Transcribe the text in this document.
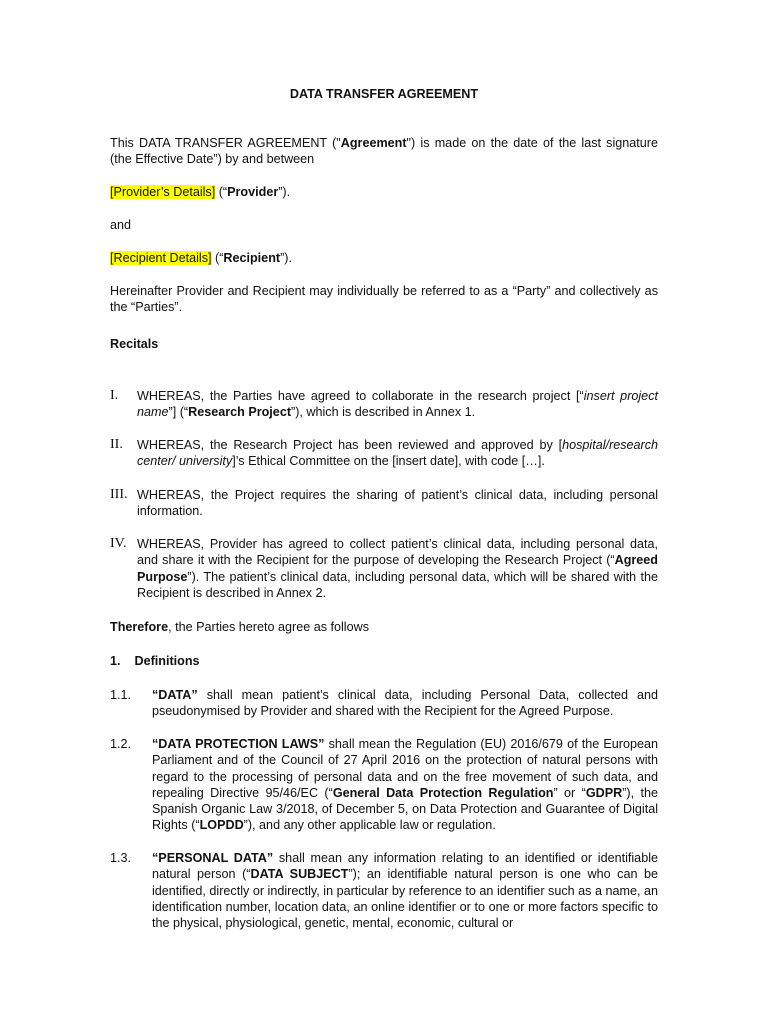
DATA TRANSFER AGREEMENT
This DATA TRANSFER AGREEMENT ("Agreement") is made on the date of the last signature (the Effective Date”) by and between
[Provider’s Details] (“Provider”).
and
[Recipient Details] (“Recipient”).
Hereinafter Provider and Recipient may individually be referred to as a “Party” and collectively as the “Parties”.
Recitals
I.	WHEREAS, the Parties have agreed to collaborate in the research project [“insert project name”] (“Research Project”), which is described in Annex 1.
II.	WHEREAS, the Research Project has been reviewed and approved by [hospital/research center/ university]’s Ethical Committee on the [insert date], with code […].
III. WHEREAS, the Project requires the sharing of patient’s clinical data, including personal information.
IV. WHEREAS, Provider has agreed to collect patient’s clinical data, including personal data, and share it with the Recipient for the purpose of developing the Research Project (“Agreed Purpose”). The patient’s clinical data, including personal data, which will be shared with the Recipient is described in Annex 2.
Therefore, the Parties hereto agree as follows
1.    Definitions
1.1. “DATA” shall mean patient’s clinical data, including Personal Data, collected and pseudonymised by Provider and shared with the Recipient for the Agreed Purpose.
1.2. “DATA PROTECTION LAWS” shall mean the Regulation (EU) 2016/679 of the European Parliament and of the Council of 27 April 2016 on the protection of natural persons with regard to the processing of personal data and on the free movement of such data, and repealing Directive 95/46/EC (“General Data Protection Regulation” or “GDPR”), the Spanish Organic Law 3/2018, of December 5, on Data Protection and Guarantee of Digital Rights (“LOPDD”), and any other applicable law or regulation.
1.3. “PERSONAL DATA” shall mean any information relating to an identified or identifiable natural person (“DATA SUBJECT”); an identifiable natural person is one who can be identified, directly or indirectly, in particular by reference to an identifier such as a name, an identification number, location data, an online identifier or to one or more factors specific to the physical, physiological, genetic, mental, economic, cultural or
